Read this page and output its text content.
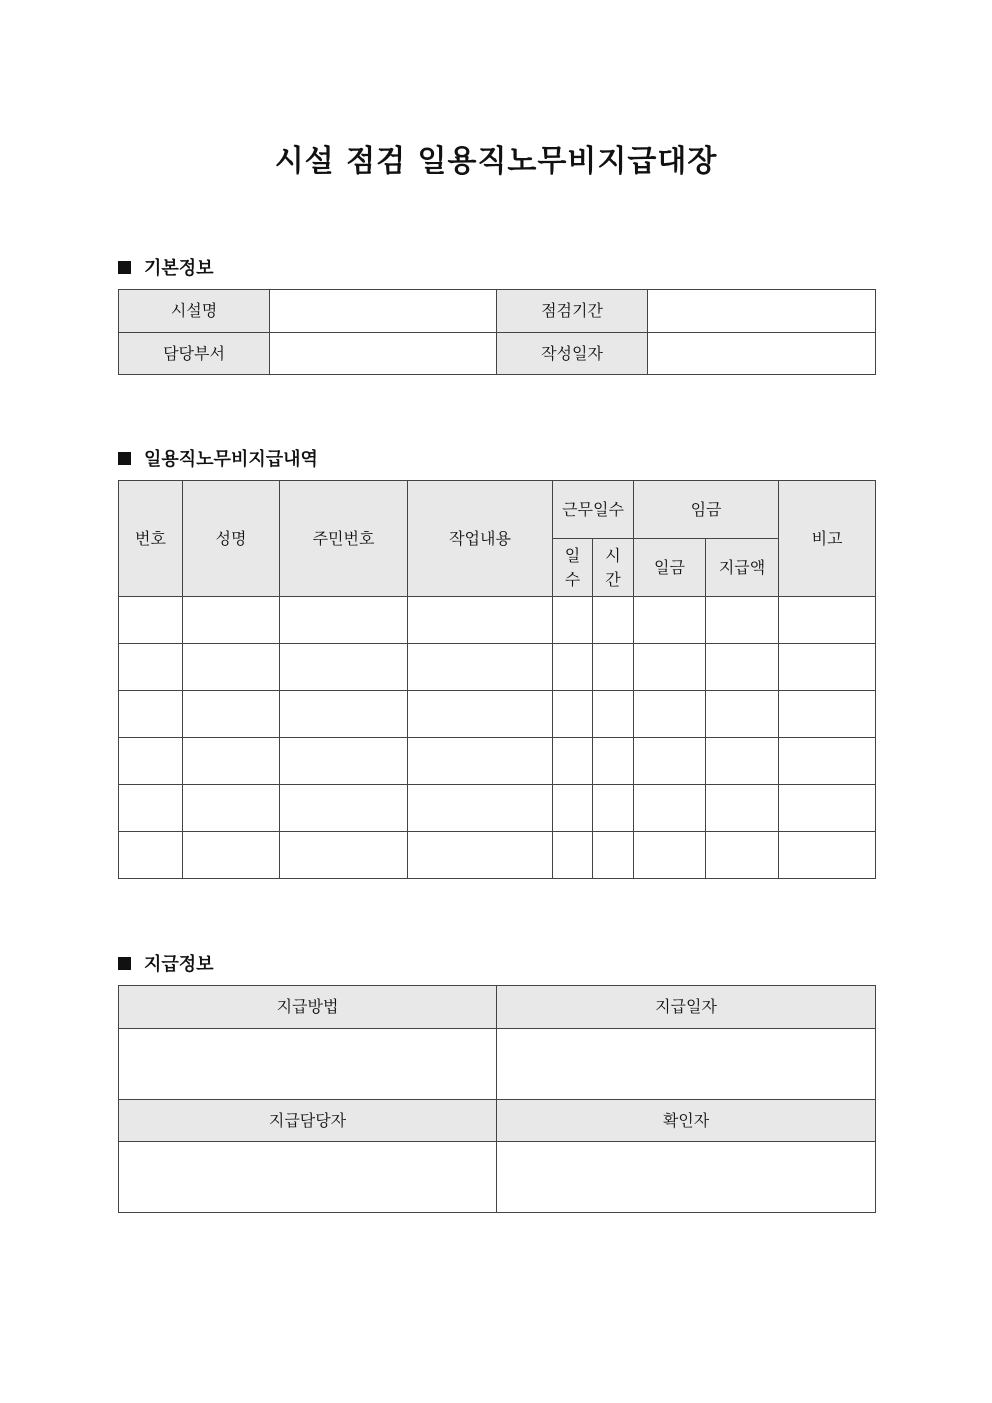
시설 점검 일용직노무비지급대장
기본정보
시설명		점검기간	
담당부서		작성일자	
일용직노무비지급내역
번호	성명	주민번호	작업내용	근무일수		임금		비고
				일수	시간	일금	지급액	

지급정보
지급방법	지급일자

지급담당자	확인자
